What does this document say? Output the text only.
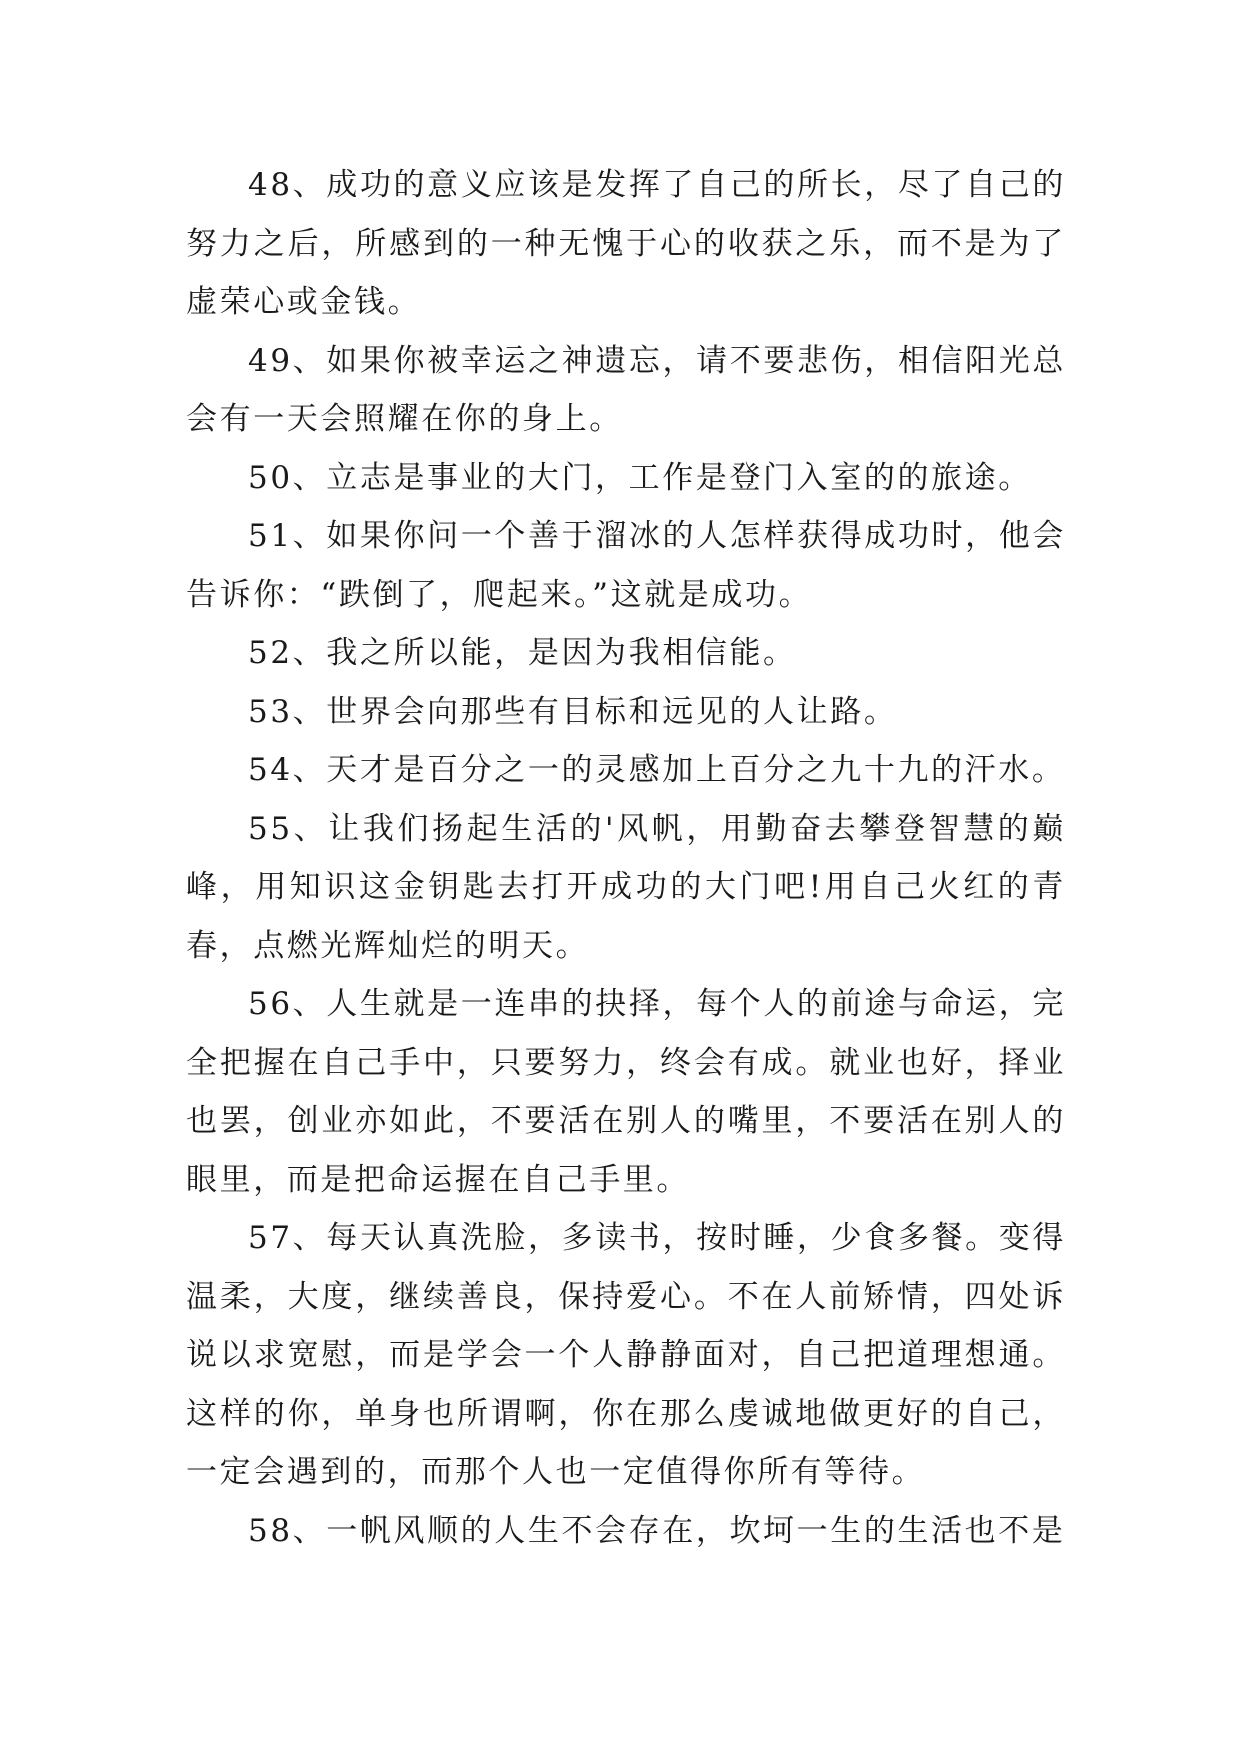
48、成功的意义应该是发挥了自己的所长，尽了自己的努力之后，所感到的一种无愧于心的收获之乐，而不是为了虚荣心或金钱。

49、如果你被幸运之神遗忘，请不要悲伤，相信阳光总会有一天会照耀在你的身上。

50、立志是事业的大门，工作是登门入室的的旅途。

51、如果你问一个善于溜冰的人怎样获得成功时，他会告诉你：“跌倒了，爬起来。”这就是成功。

52、我之所以能，是因为我相信能。

53、世界会向那些有目标和远见的人让路。

54、天才是百分之一的灵感加上百分之九十九的汗水。

55、让我们扬起生活的'风帆，用勤奋去攀登智慧的巅峰，用知识这金钥匙去打开成功的大门吧!用自己火红的青春，点燃光辉灿烂的明天。

56、人生就是一连串的抉择，每个人的前途与命运，完全把握在自己手中，只要努力，终会有成。就业也好，择业也罢，创业亦如此，不要活在别人的嘴里，不要活在别人的眼里，而是把命运握在自己手里。

57、每天认真洗脸，多读书，按时睡，少食多餐。变得温柔，大度，继续善良，保持爱心。不在人前矫情，四处诉说以求宽慰，而是学会一个人静静面对，自己把道理想通。这样的你，单身也所谓啊，你在那么虔诚地做更好的自己，一定会遇到的，而那个人也一定值得你所有等待。

58、一帆风顺的人生不会存在，坎坷一生的生活也不是
